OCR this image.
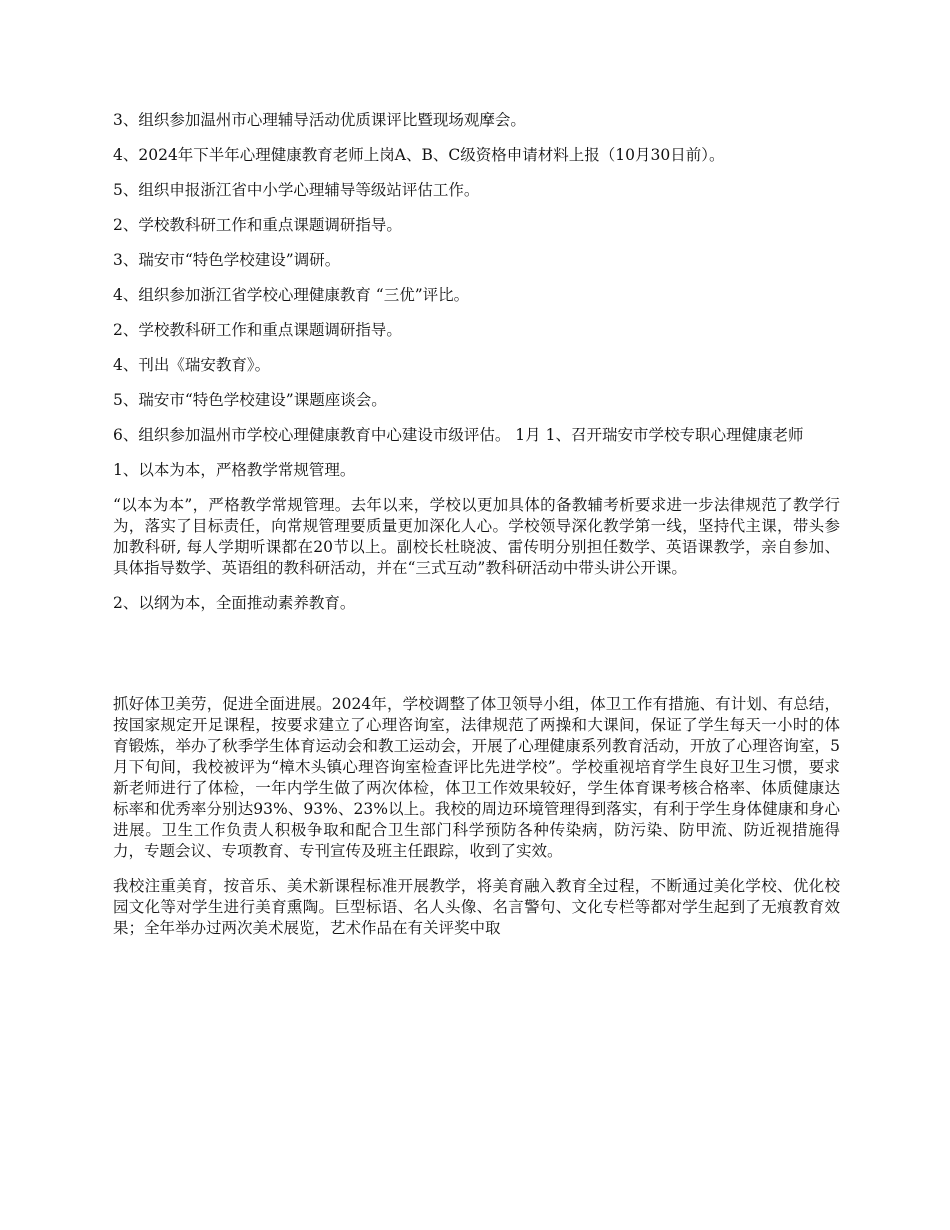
3、组织参加温州市心理辅导活动优质课评比暨现场观摩会。

4、2024年下半年心理健康教育老师上岗A、B、C级资格申请材料上报（10月30日前）。

5、组织申报浙江省中小学心理辅导等级站评估工作。

2、学校教科研工作和重点课题调研指导。

3、瑞安市“特色学校建设”调研。

4、组织参加浙江省学校心理健康教育 “三优”评比。

2、学校教科研工作和重点课题调研指导。

4、刊出《瑞安教育》。

5、瑞安市“特色学校建设”课题座谈会。

6、组织参加温州市学校心理健康教育中心建设市级评估。 1月 1、召开瑞安市学校专职心理健康老师

1、以本为本，严格教学常规管理。

“以本为本”，严格教学常规管理。去年以来，学校以更加具体的备教辅考析要求进一步法律规范了教学行为，落实了目标责任，向常规管理要质量更加深化人心。学校领导深化教学第一线，坚持代主课，带头参加教科研, 每人学期听课都在20节以上。副校长杜晓波、雷传明分别担任数学、英语课教学，亲自参加、具体指导数学、英语组的教科研活动，并在“三式互动”教科研活动中带头讲公开课。

2、以纲为本，全面推动素养教育。

抓好体卫美劳，促进全面进展。2024年，学校调整了体卫领导小组，体卫工作有措施、有计划、有总结，按国家规定开足课程，按要求建立了心理咨询室，法律规范了两操和大课间，保证了学生每天一小时的体育锻炼，举办了秋季学生体育运动会和教工运动会，开展了心理健康系列教育活动，开放了心理咨询室，5月下旬间，我校被评为“樟木头镇心理咨询室检查评比先进学校”。学校重视培育学生良好卫生习惯，要求新老师进行了体检，一年内学生做了两次体检，体卫工作效果较好，学生体育课考核合格率、体质健康达标率和优秀率分别达93%、93%、23%以上。我校的周边环境管理得到落实，有利于学生身体健康和身心进展。卫生工作负责人积极争取和配合卫生部门科学预防各种传染病，防污染、防甲流、防近视措施得力，专题会议、专项教育、专刊宣传及班主任跟踪，收到了实效。

我校注重美育，按音乐、美术新课程标准开展教学，将美育融入教育全过程，不断通过美化学校、优化校园文化等对学生进行美育熏陶。巨型标语、名人头像、名言警句、文化专栏等都对学生起到了无痕教育效果；全年举办过两次美术展览，艺术作品在有关评奖中取
